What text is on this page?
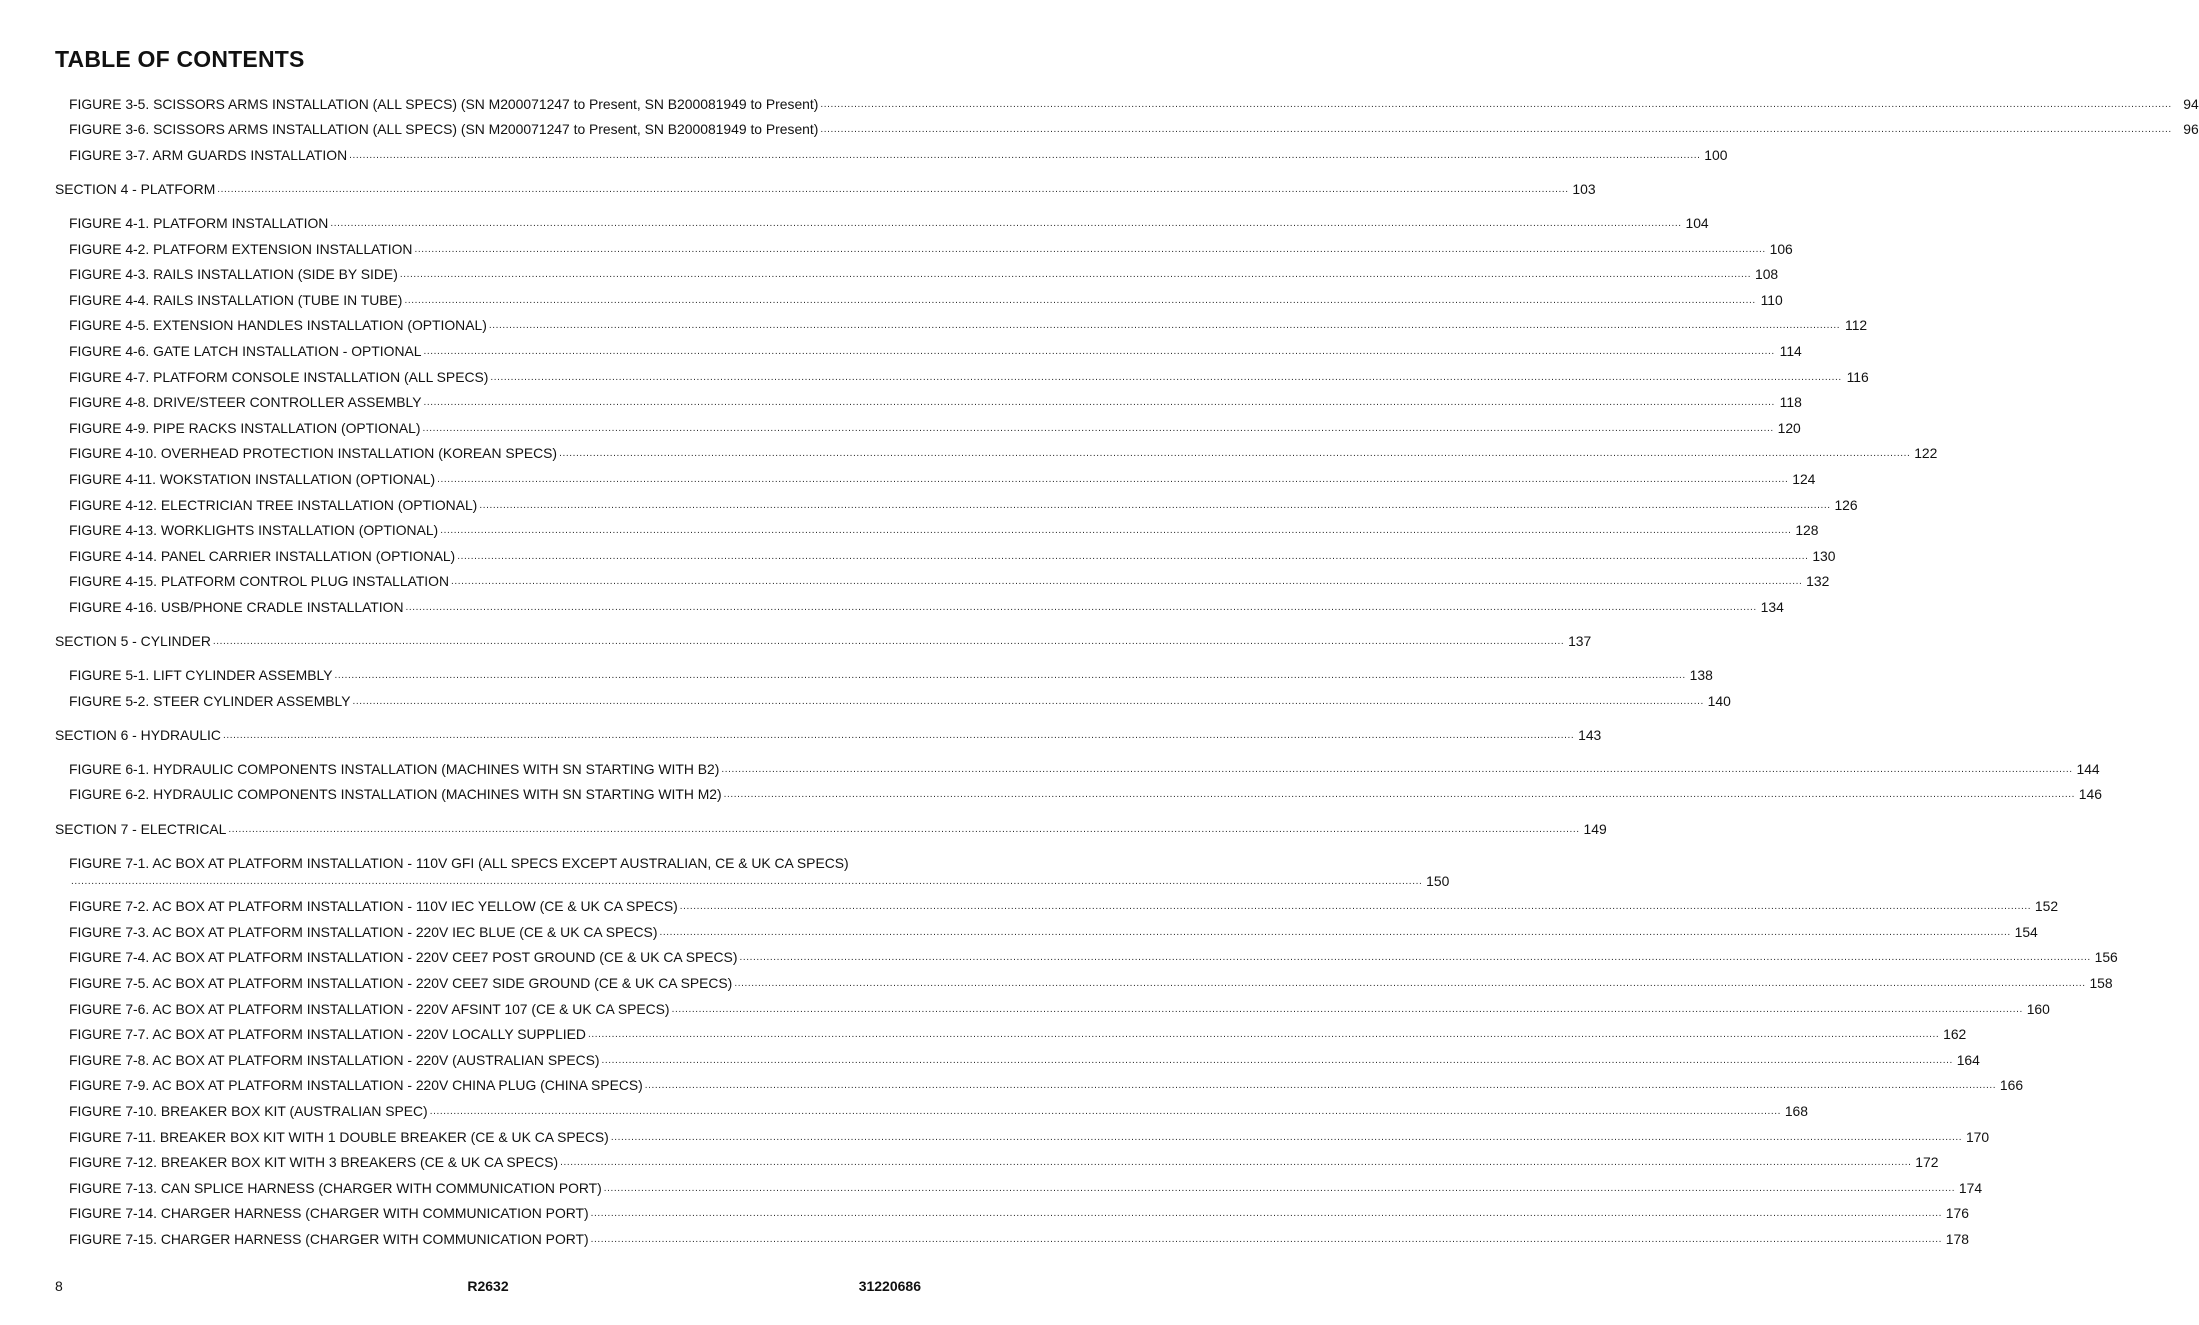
TABLE OF CONTENTS
FIGURE 3-5. SCISSORS ARMS INSTALLATION (ALL SPECS) (SN M200071247 to Present, SN B200081949 to Present) ................................................................................................................................................................................................................................................................................................................................................................................................................ 94
FIGURE 3-6. SCISSORS ARMS INSTALLATION (ALL SPECS) (SN M200071247 to Present, SN B200081949 to Present) ................................................................................................................................................................................................................................................................................................................................................................................................................ 96
FIGURE 3-7. ARM GUARDS INSTALLATION ................................................................................................................................................................................................................................................................................................................................................................................................................ 100
SECTION 4 - PLATFORM ................................................................................................................................................................................................................................................................................................................................................................................................................ 103
FIGURE 4-1. PLATFORM INSTALLATION ................................................................................................................................................................................................................................................................................................................................................................................................................ 104
FIGURE 4-2. PLATFORM EXTENSION INSTALLATION ................................................................................................................................................................................................................................................................................................................................................................................................................ 106
FIGURE 4-3. RAILS INSTALLATION (SIDE BY SIDE) ................................................................................................................................................................................................................................................................................................................................................................................................................ 108
FIGURE 4-4. RAILS INSTALLATION (TUBE IN TUBE) ................................................................................................................................................................................................................................................................................................................................................................................................................ 110
FIGURE 4-5. EXTENSION HANDLES INSTALLATION (OPTIONAL) ................................................................................................................................................................................................................................................................................................................................................................................................................ 112
FIGURE 4-6. GATE LATCH INSTALLATION - OPTIONAL ................................................................................................................................................................................................................................................................................................................................................................................................................ 114
FIGURE 4-7. PLATFORM CONSOLE INSTALLATION (ALL SPECS) ................................................................................................................................................................................................................................................................................................................................................................................................................ 116
FIGURE 4-8. DRIVE/STEER CONTROLLER ASSEMBLY ................................................................................................................................................................................................................................................................................................................................................................................................................ 118
FIGURE 4-9. PIPE RACKS INSTALLATION (OPTIONAL) ................................................................................................................................................................................................................................................................................................................................................................................................................ 120
FIGURE 4-10. OVERHEAD PROTECTION INSTALLATION (KOREAN SPECS) ................................................................................................................................................................................................................................................................................................................................................................................................................ 122
FIGURE 4-11. WOKSTATION INSTALLATION (OPTIONAL) ................................................................................................................................................................................................................................................................................................................................................................................................................ 124
FIGURE 4-12. ELECTRICIAN TREE INSTALLATION (OPTIONAL) ................................................................................................................................................................................................................................................................................................................................................................................................................ 126
FIGURE 4-13. WORKLIGHTS INSTALLATION (OPTIONAL) ................................................................................................................................................................................................................................................................................................................................................................................................................ 128
FIGURE 4-14. PANEL CARRIER INSTALLATION (OPTIONAL) ................................................................................................................................................................................................................................................................................................................................................................................................................ 130
FIGURE 4-15. PLATFORM CONTROL PLUG INSTALLATION ................................................................................................................................................................................................................................................................................................................................................................................................................ 132
FIGURE 4-16. USB/PHONE CRADLE INSTALLATION ................................................................................................................................................................................................................................................................................................................................................................................................................ 134
SECTION 5 - CYLINDER ................................................................................................................................................................................................................................................................................................................................................................................................................ 137
FIGURE 5-1. LIFT CYLINDER ASSEMBLY ................................................................................................................................................................................................................................................................................................................................................................................................................ 138
FIGURE 5-2. STEER CYLINDER ASSEMBLY ................................................................................................................................................................................................................................................................................................................................................................................................................ 140
SECTION 6 - HYDRAULIC ................................................................................................................................................................................................................................................................................................................................................................................................................ 143
FIGURE 6-1. HYDRAULIC COMPONENTS INSTALLATION (MACHINES WITH SN STARTING WITH B2) ................................................................................................................................................................................................................................................................................................................................................................................................................ 144
FIGURE 6-2. HYDRAULIC COMPONENTS INSTALLATION (MACHINES WITH SN STARTING WITH M2) ................................................................................................................................................................................................................................................................................................................................................................................................................ 146
SECTION 7 - ELECTRICAL ................................................................................................................................................................................................................................................................................................................................................................................................................ 149
FIGURE 7-1. AC BOX AT PLATFORM INSTALLATION - 110V GFI (ALL SPECS EXCEPT AUSTRALIAN, CE & UK CA SPECS)
................................................................................................................................................................................................................................................................................................................................................................................................................ 150
FIGURE 7-2. AC BOX AT PLATFORM INSTALLATION - 110V IEC YELLOW (CE & UK CA SPECS) ................................................................................................................................................................................................................................................................................................................................................................................................................ 152
FIGURE 7-3. AC BOX AT PLATFORM INSTALLATION - 220V IEC BLUE (CE & UK CA SPECS) ................................................................................................................................................................................................................................................................................................................................................................................................................ 154
FIGURE 7-4. AC BOX AT PLATFORM INSTALLATION - 220V CEE7 POST GROUND (CE & UK CA SPECS) ................................................................................................................................................................................................................................................................................................................................................................................................................ 156
FIGURE 7-5. AC BOX AT PLATFORM INSTALLATION - 220V CEE7 SIDE GROUND (CE & UK CA SPECS) ................................................................................................................................................................................................................................................................................................................................................................................................................ 158
FIGURE 7-6. AC BOX AT PLATFORM INSTALLATION - 220V AFSINT 107 (CE & UK CA SPECS) ................................................................................................................................................................................................................................................................................................................................................................................................................ 160
FIGURE 7-7. AC BOX AT PLATFORM INSTALLATION - 220V LOCALLY SUPPLIED ................................................................................................................................................................................................................................................................................................................................................................................................................ 162
FIGURE 7-8. AC BOX AT PLATFORM INSTALLATION - 220V (AUSTRALIAN SPECS) ................................................................................................................................................................................................................................................................................................................................................................................................................ 164
FIGURE 7-9. AC BOX AT PLATFORM INSTALLATION - 220V CHINA PLUG (CHINA SPECS) ................................................................................................................................................................................................................................................................................................................................................................................................................ 166
FIGURE 7-10. BREAKER BOX KIT (AUSTRALIAN SPEC) ................................................................................................................................................................................................................................................................................................................................................................................................................ 168
FIGURE 7-11. BREAKER BOX KIT WITH 1 DOUBLE BREAKER (CE & UK CA SPECS) ................................................................................................................................................................................................................................................................................................................................................................................................................ 170
FIGURE 7-12. BREAKER BOX KIT WITH 3 BREAKERS (CE & UK CA SPECS) ................................................................................................................................................................................................................................................................................................................................................................................................................ 172
FIGURE 7-13. CAN SPLICE HARNESS (CHARGER WITH COMMUNICATION PORT) ................................................................................................................................................................................................................................................................................................................................................................................................................ 174
FIGURE 7-14. CHARGER HARNESS (CHARGER WITH COMMUNICATION PORT) ................................................................................................................................................................................................................................................................................................................................................................................................................ 176
FIGURE 7-15. CHARGER HARNESS (CHARGER WITH COMMUNICATION PORT) ................................................................................................................................................................................................................................................................................................................................................................................................................ 178
8	R2632	31220686
